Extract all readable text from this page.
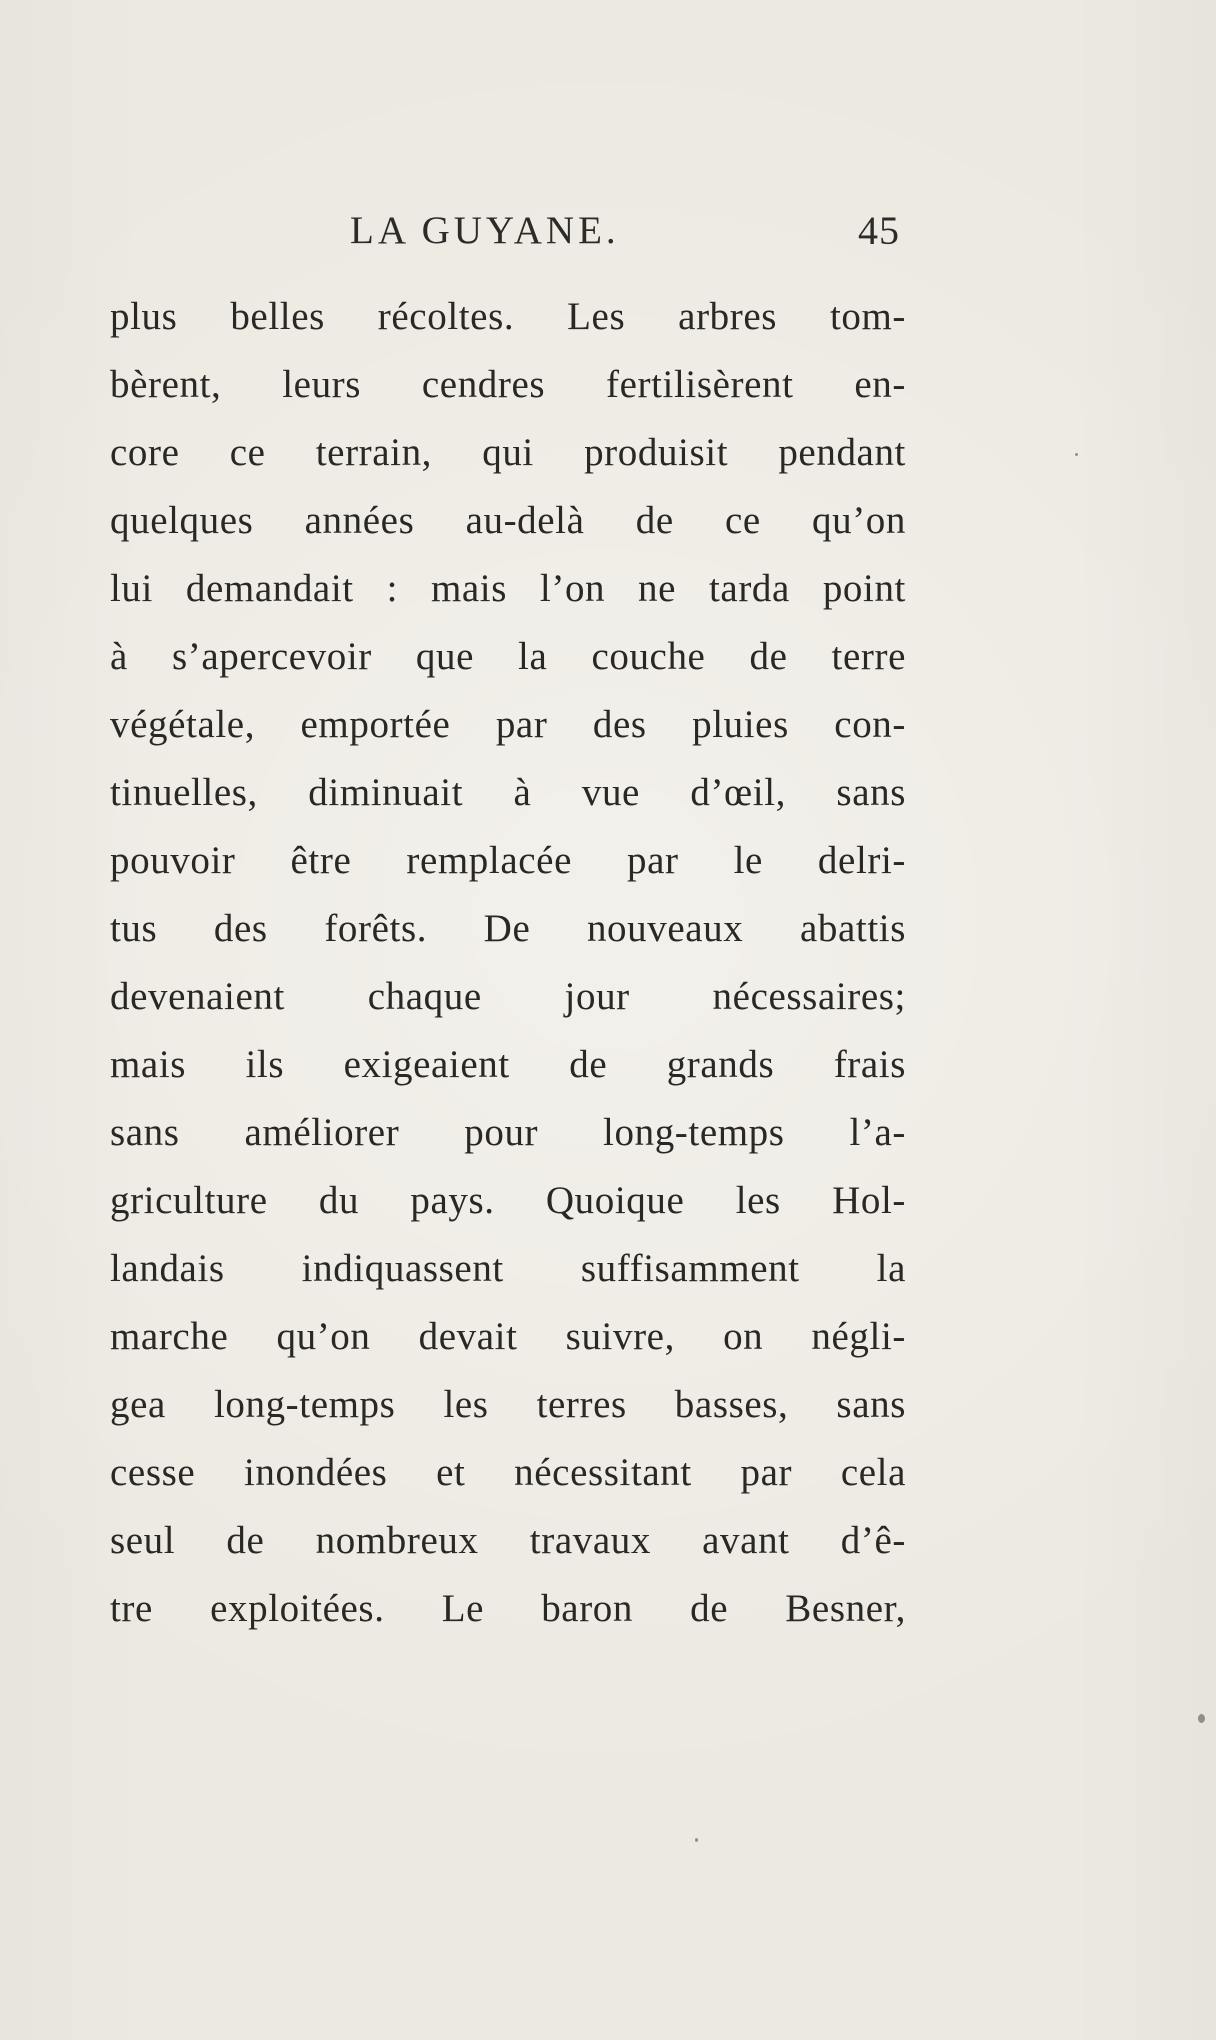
LA GUYANE.	45
plus belles récoltes. Les arbres tom-
bèrent, leurs cendres fertilisèrent en-
core ce terrain, qui produisit pendant
quelques années au-delà de ce qu’on
lui demandait : mais l’on ne tarda point
à s’apercevoir que la couche de terre
végétale, emportée par des pluies con-
tinuelles, diminuait à vue d’œil, sans
pouvoir être remplacée par le delri-
tus des forêts. De nouveaux abattis
devenaient chaque jour nécessaires;
mais ils exigeaient de grands frais
sans améliorer pour long-temps l’a-
griculture du pays. Quoique les Hol-
landais indiquassent suffisamment la
marche qu’on devait suivre, on négli-
gea long-temps les terres basses, sans
cesse inondées et nécessitant par cela
seul de nombreux travaux avant d’ê-
tre exploitées. Le baron de Besner,
